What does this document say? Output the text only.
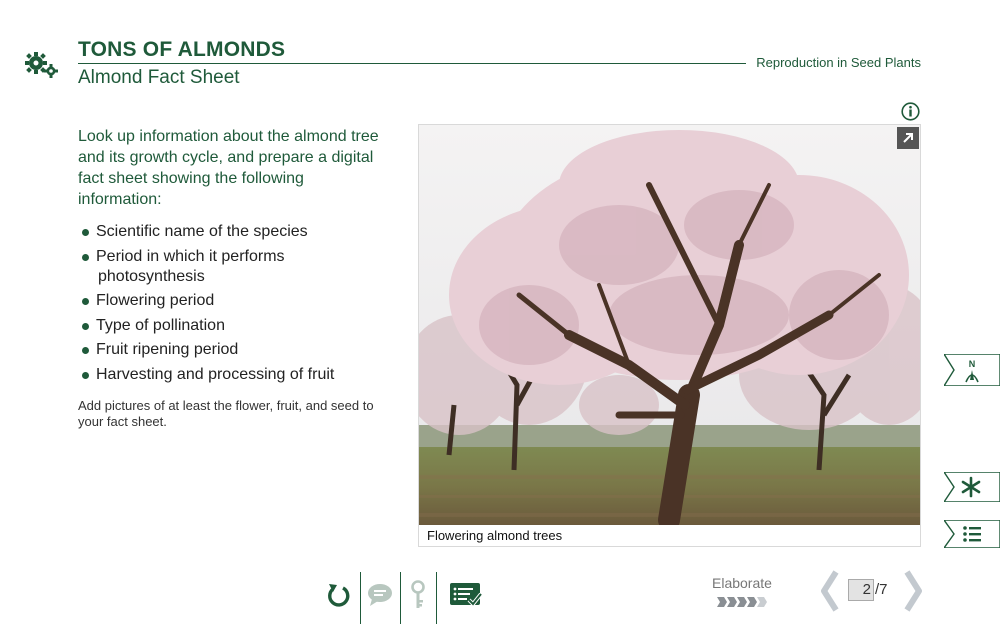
TONS OF ALMONDS
Almond Fact Sheet
Reproduction in Seed Plants
Look up information about the almond tree and its growth cycle, and prepare a digital fact sheet showing the following information:
Scientific name of the species
Period in which it performs
photosynthesis
Flowering period
Type of pollination
Fruit ripening period
Harvesting and processing of fruit
Add pictures of at least the flower, fruit, and seed to your fact sheet.
Flowering almond trees
N
Elaborate	2 /7
